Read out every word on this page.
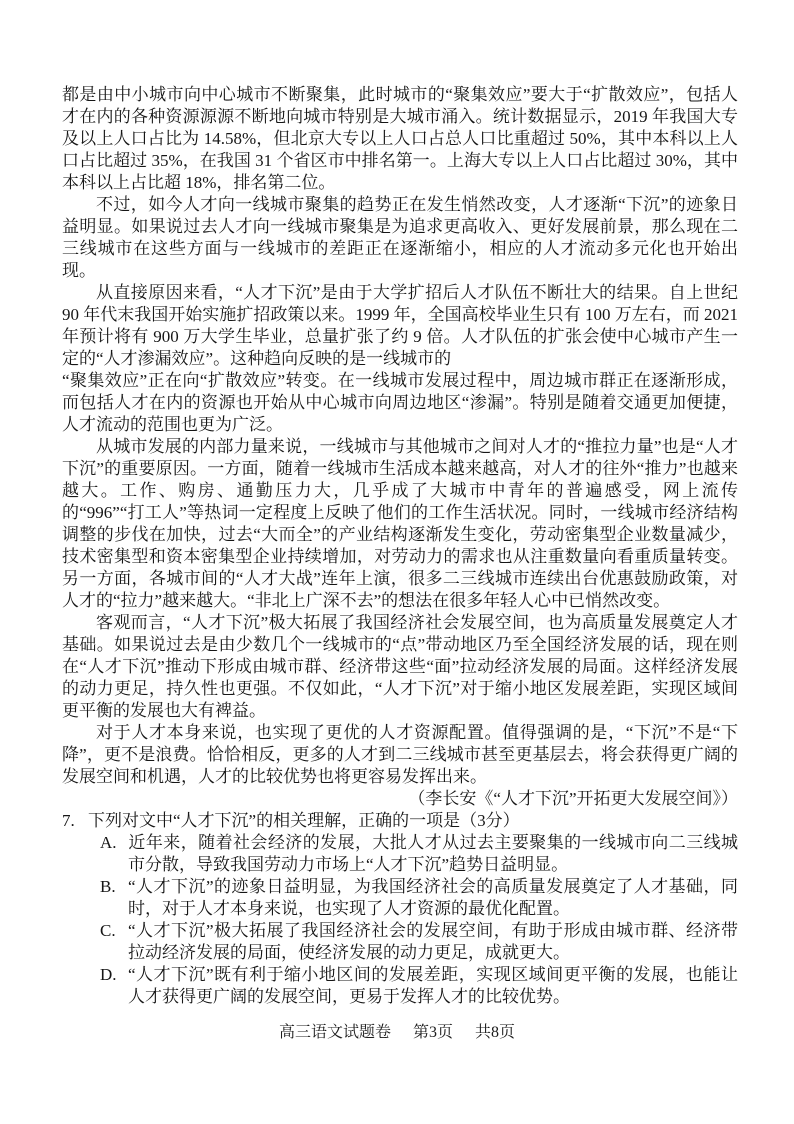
都是由中小城市向中心城市不断聚集，此时城市的“聚集效应”要大于“扩散效应”，包括人才在内的各种资源源源不断地向城市特别是大城市涌入。统计数据显示，2019 年我国大专及以上人口占比为 14.58%，但北京大专以上人口占总人口比重超过 50%，其中本科以上人口占比超过 35%，在我国 31 个省区市中排名第一。上海大专以上人口占比超过 30%，其中本科以上占比超 18%，排名第二位。

不过，如今人才向一线城市聚集的趋势正在发生悄然改变，人才逐渐“下沉”的迹象日益明显。如果说过去人才向一线城市聚集是为追求更高收入、更好发展前景，那么现在二三线城市在这些方面与一线城市的差距正在逐渐缩小，相应的人才流动多元化也开始出现。

从直接原因来看，“人才下沉”是由于大学扩招后人才队伍不断壮大的结果。自上世纪 90 年代末我国开始实施扩招政策以来。1999 年，全国高校毕业生只有 100 万左右，而 2021 年预计将有 900 万大学生毕业，总量扩张了约 9 倍。人才队伍的扩张会使中心城市产生一定的“人才渗漏效应”。这种趋向反映的是一线城市的

“聚集效应”正在向“扩散效应”转变。在一线城市发展过程中，周边城市群正在逐渐形成，而包括人才在内的资源也开始从中心城市向周边地区“渗漏”。特别是随着交通更加便捷，人才流动的范围也更为广泛。

从城市发展的内部力量来说，一线城市与其他城市之间对人才的“推拉力量”也是“人才下沉”的重要原因。一方面，随着一线城市生活成本越来越高，对人才的往外“推力”也越来越大。工作、购房、通勤压力大，几乎成了大城市中青年的普遍感受，网上流传的“996”“打工人”等热词一定程度上反映了他们的工作生活状况。同时，一线城市经济结构调整的步伐在加快，过去“大而全”的产业结构逐渐发生变化，劳动密集型企业数量减少，技术密集型和资本密集型企业持续增加，对劳动力的需求也从注重数量向看重质量转变。另一方面，各城市间的“人才大战”连年上演，很多二三线城市连续出台优惠鼓励政策，对人才的“拉力”越来越大。“非北上广深不去”的想法在很多年轻人心中已悄然改变。

客观而言，“人才下沉”极大拓展了我国经济社会发展空间，也为高质量发展奠定人才基础。如果说过去是由少数几个一线城市的“点”带动地区乃至全国经济发展的话，现在则在“人才下沉”推动下形成由城市群、经济带这些“面”拉动经济发展的局面。这样经济发展的动力更足，持久性也更强。不仅如此，“人才下沉”对于缩小地区发展差距，实现区域间更平衡的发展也大有裨益。

对于人才本身来说，也实现了更优的人才资源配置。值得强调的是，“下沉”不是“下降”，更不是浪费。恰恰相反，更多的人才到二三线城市甚至更基层去，将会获得更广阔的发展空间和机遇，人才的比较优势也将更容易发挥出来。

（李长安《“人才下沉”开拓更大发展空间》）

7. 下列对文中“人才下沉”的相关理解，正确的一项是（3分）

A. 近年来，随着社会经济的发展，大批人才从过去主要聚集的一线城市向二三线城市分散，导致我国劳动力市场上“人才下沉”趋势日益明显。

B. “人才下沉”的迹象日益明显，为我国经济社会的高质量发展奠定了人才基础，同时，对于人才本身来说，也实现了人才资源的最优化配置。

C. “人才下沉”极大拓展了我国经济社会的发展空间，有助于形成由城市群、经济带拉动经济发展的局面，使经济发展的动力更足，成就更大。

D. “人才下沉”既有利于缩小地区间的发展差距，实现区域间更平衡的发展，也能让人才获得更广阔的发展空间，更易于发挥人才的比较优势。

高三语文试题卷 第3页 共8页
